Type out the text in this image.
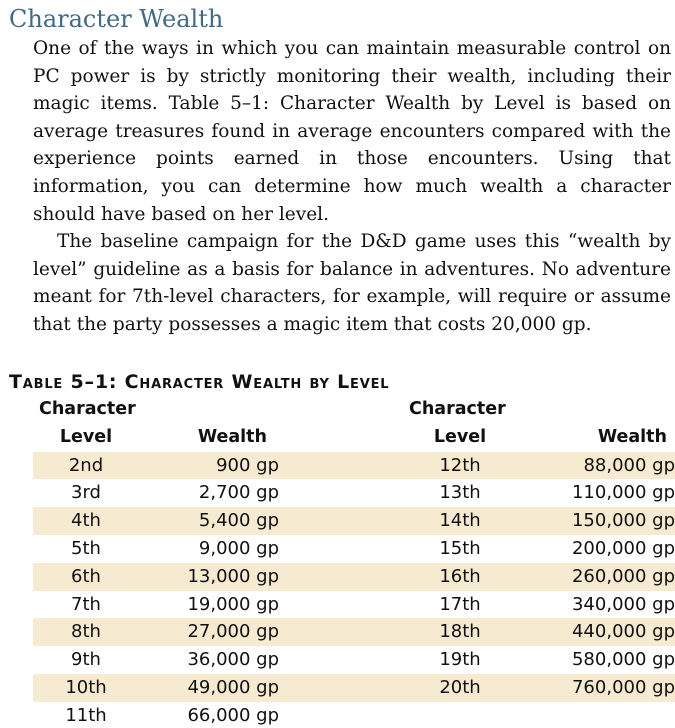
Character Wealth

One of the ways in which you can maintain measurable control on PC power is by strictly monitoring their wealth, including their magic items. Table 5–1: Character Wealth by Level is based on average treasures found in average encounters compared with the experience points earned in those encounters. Using that information, you can determine how much wealth a character should have based on her level.

The baseline campaign for the D&D game uses this “wealth by level” guideline as a basis for balance in adventures. No adventure meant for 7th-level characters, for example, will require or assume that the party possesses a magic item that costs 20,000 gp.

Table 5–1: Character Wealth by Level
Character			Character	
Level	Wealth		Level	Wealth
2nd	900 gp		12th	88,000 gp
3rd	2,700 gp		13th	110,000 gp
4th	5,400 gp		14th	150,000 gp
5th	9,000 gp		15th	200,000 gp
6th	13,000 gp		16th	260,000 gp
7th	19,000 gp		17th	340,000 gp
8th	27,000 gp		18th	440,000 gp
9th	36,000 gp		19th	580,000 gp
10th	49,000 gp		20th	760,000 gp
11th	66,000 gp			
